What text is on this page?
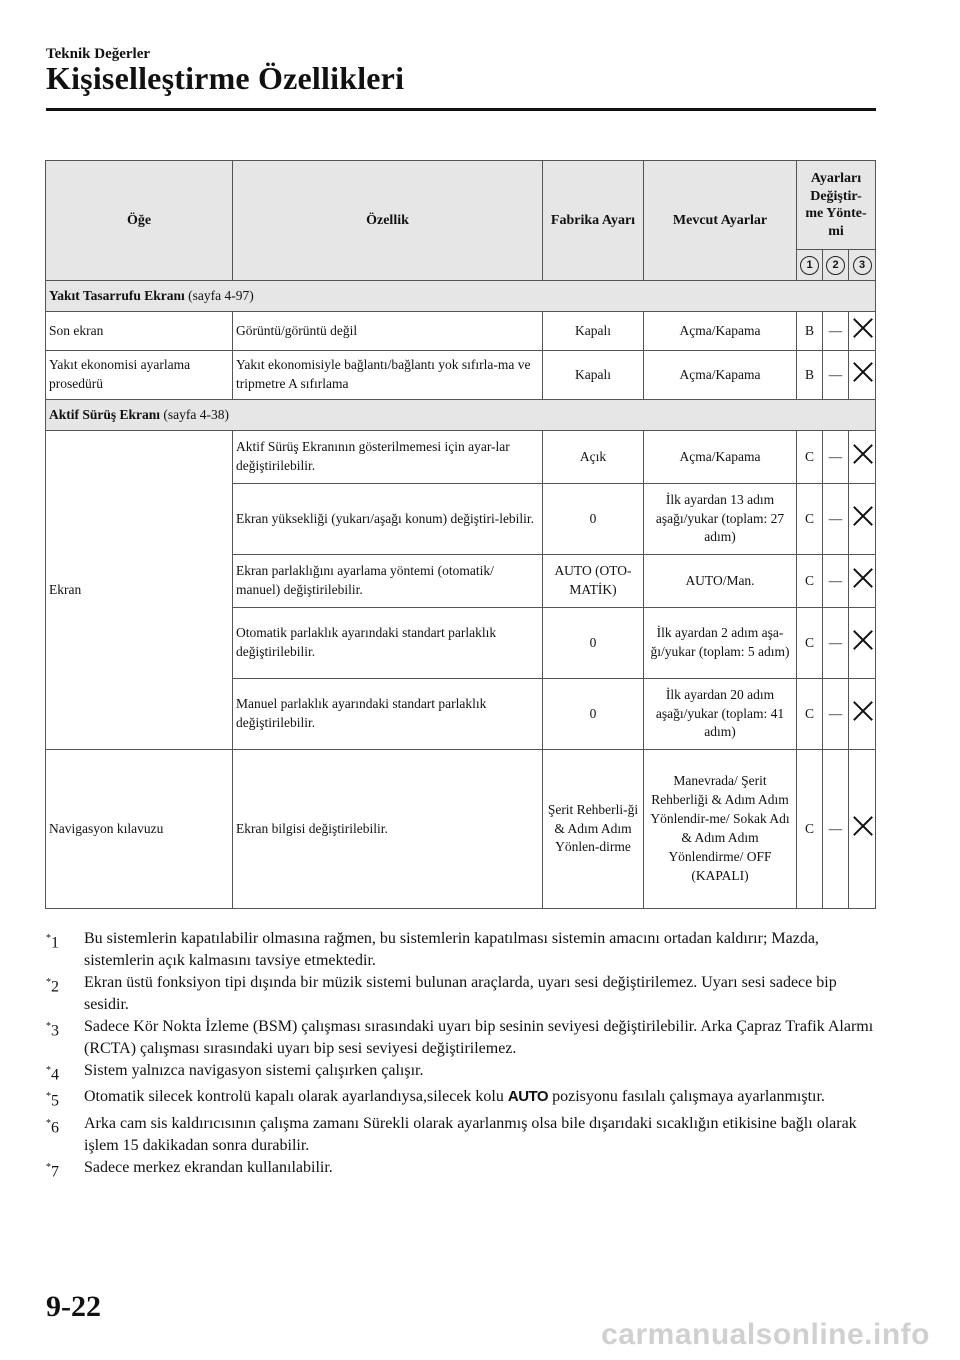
Teknik Değerler
Kişiselleştirme Özellikleri
Öğe	Özellik	Fabrika Ayarı	Mevcut Ayarlar	Ayarları
Değiştir-
me Yönte-
mi		
				1	2	3
Yakıt Tasarrufu Ekranı (sayfa 4-97)						
Son ekran	Görüntü/görüntü değil	Kapalı	Açma/Kapama	B	—	
Yakıt ekonomisi ayarlama prosedürü	Yakıt ekonomisiyle bağlantı/bağlantı yok sıfırla-ma ve tripmetre A sıfırlama	Kapalı	Açma/Kapama	B	—	
Aktif Sürüş Ekranı (sayfa 4-38)						
Ekran	Aktif Sürüş Ekranının gösterilmemesi için ayar-lar değiştirilebilir.	Açık	Açma/Kapama	C	—	
	Ekran yüksekliği (yukarı/aşağı konum) değiştiri-lebilir.	0	İlk ayardan 13 adım aşağı/yukar (toplam: 27 adım)	C	—	
	Ekran parlaklığını ayarlama yöntemi (otomatik/ manuel) değiştirilebilir.	AUTO (OTO-MATİK)	AUTO/Man.	C	—	
	Otomatik parlaklık ayarındaki standart parlaklık değiştirilebilir.	0	İlk ayardan 2 adım aşa-ğı/yukar (toplam: 5 adım)	C	—	
	Manuel parlaklık ayarındaki standart parlaklık değiştirilebilir.	0	İlk ayardan 20 adım aşağı/yukar (toplam: 41 adım)	C	—	
Navigasyon kılavuzu	Ekran bilgisi değiştirilebilir.	Şerit Rehberli-ği & Adım Adım Yönlen-dirme	Manevrada/ Şerit Rehberliği & Adım Adım Yönlendir-me/ Sokak Adı & Adım Adım Yönlendirme/ OFF (KAPALI)	C	—	
*1	Bu sistemlerin kapatılabilir olmasına rağmen, bu sistemlerin kapatılması sistemin amacını ortadan kaldırır; Mazda, sistemlerin açık kalmasını tavsiye etmektedir.
*2	Ekran üstü fonksiyon tipi dışında bir müzik sistemi bulunan araçlarda, uyarı sesi değiştirilemez. Uyarı sesi sadece bip sesidir.
*3	Sadece Kör Nokta İzleme (BSM) çalışması sırasındaki uyarı bip sesinin seviyesi değiştirilebilir. Arka Çapraz Trafik Alarmı (RCTA) çalışması sırasındaki uyarı bip sesi seviyesi değiştirilemez.
*4	Sistem yalnızca navigasyon sistemi çalışırken çalışır.
*5	Otomatik silecek kontrolü kapalı olarak ayarlandıysa,silecek kolu AUTO pozisyonu fasılalı çalışmaya ayarlanmıştır.
*6	Arka cam sis kaldırıcısının çalışma zamanı Sürekli olarak ayarlanmış olsa bile dışarıdaki sıcaklığın etikisine bağlı olarak işlem 15 dakikadan sonra durabilir.
*7	Sadece merkez ekrandan kullanılabilir.
9-22
carmanualsonline.info
